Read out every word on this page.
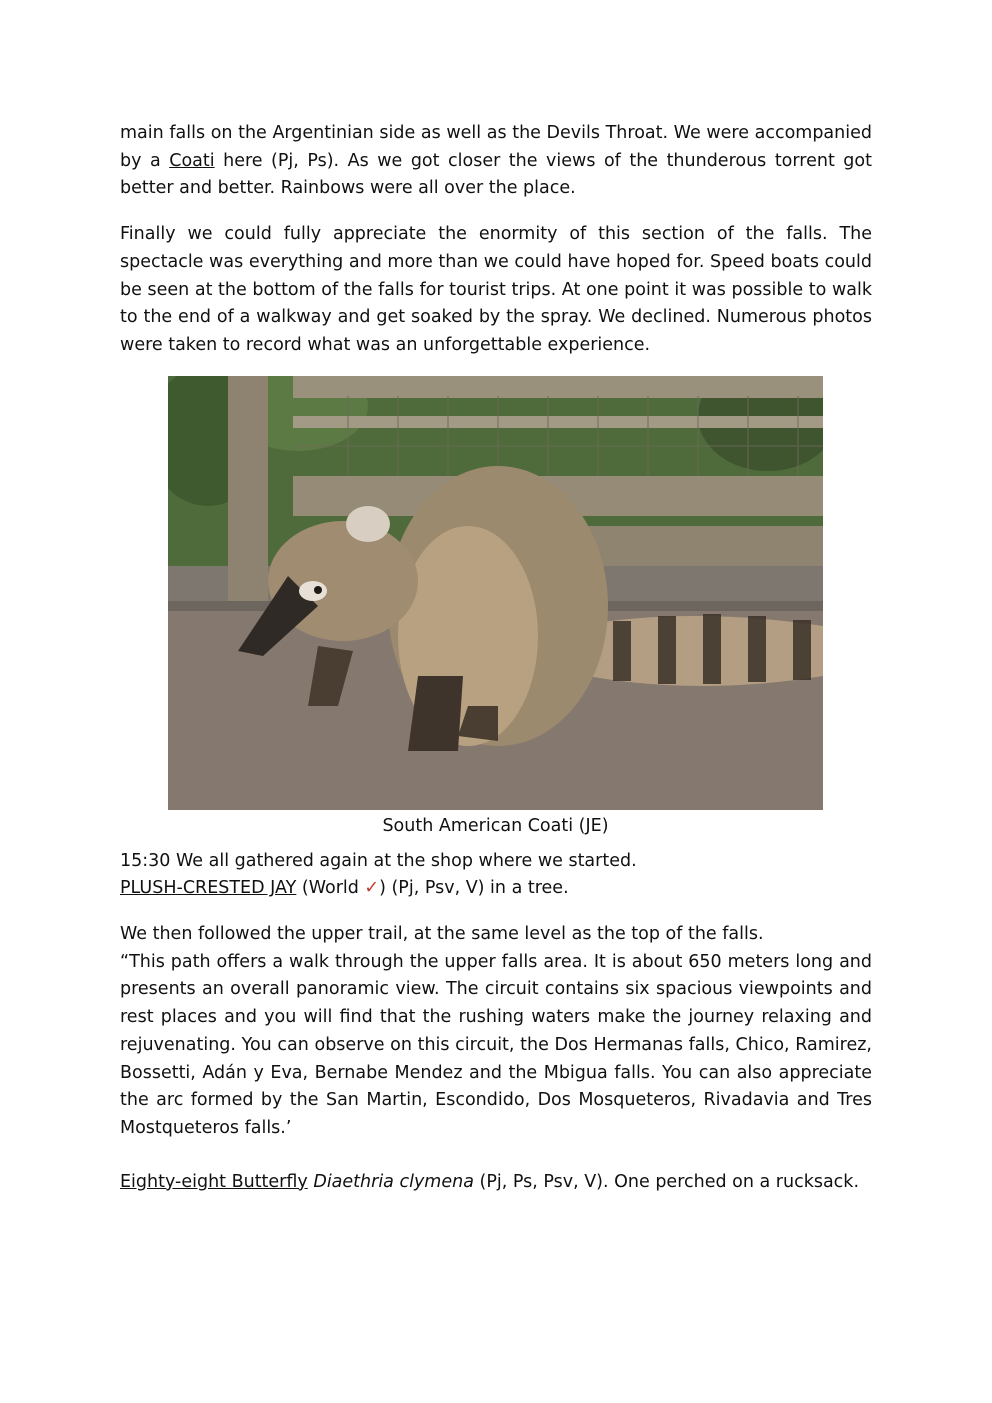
main falls on the Argentinian side as well as the Devils Throat. We were accompanied by a Coati here (Pj, Ps). As we got closer the views of the thunderous torrent got better and better. Rainbows were all over the place.

Finally we could fully appreciate the enormity of this section of the falls. The spectacle was everything and more than we could have hoped for. Speed boats could be seen at the bottom of the falls for tourist trips. At one point it was possible to walk to the end of a walkway and get soaked by the spray. We declined. Numerous photos were taken to record what was an unforgettable experience.

South American Coati (JE)
15:30 We all gathered again at the shop where we started.
PLUSH-CRESTED JAY (World ✓) (Pj, Psv, V) in a tree.
We then followed the upper trail, at the same level as the top of the falls.

“This path offers a walk through the upper falls area. It is about 650 meters long and presents an overall panoramic view. The circuit contains six spacious viewpoints and rest places and you will find that the rushing waters make the journey relaxing and rejuvenating. You can observe on this circuit, the Dos Hermanas falls, Chico, Ramirez, Bossetti, Adán y Eva, Bernabe Mendez and the Mbigua falls. You can also appreciate the arc formed by the San Martin, Escondido, Dos Mosqueteros, Rivadavia and Tres Mostqueteros falls.’

Eighty-eight Butterfly Diaethria clymena (Pj, Ps, Psv, V). One perched on a rucksack.
